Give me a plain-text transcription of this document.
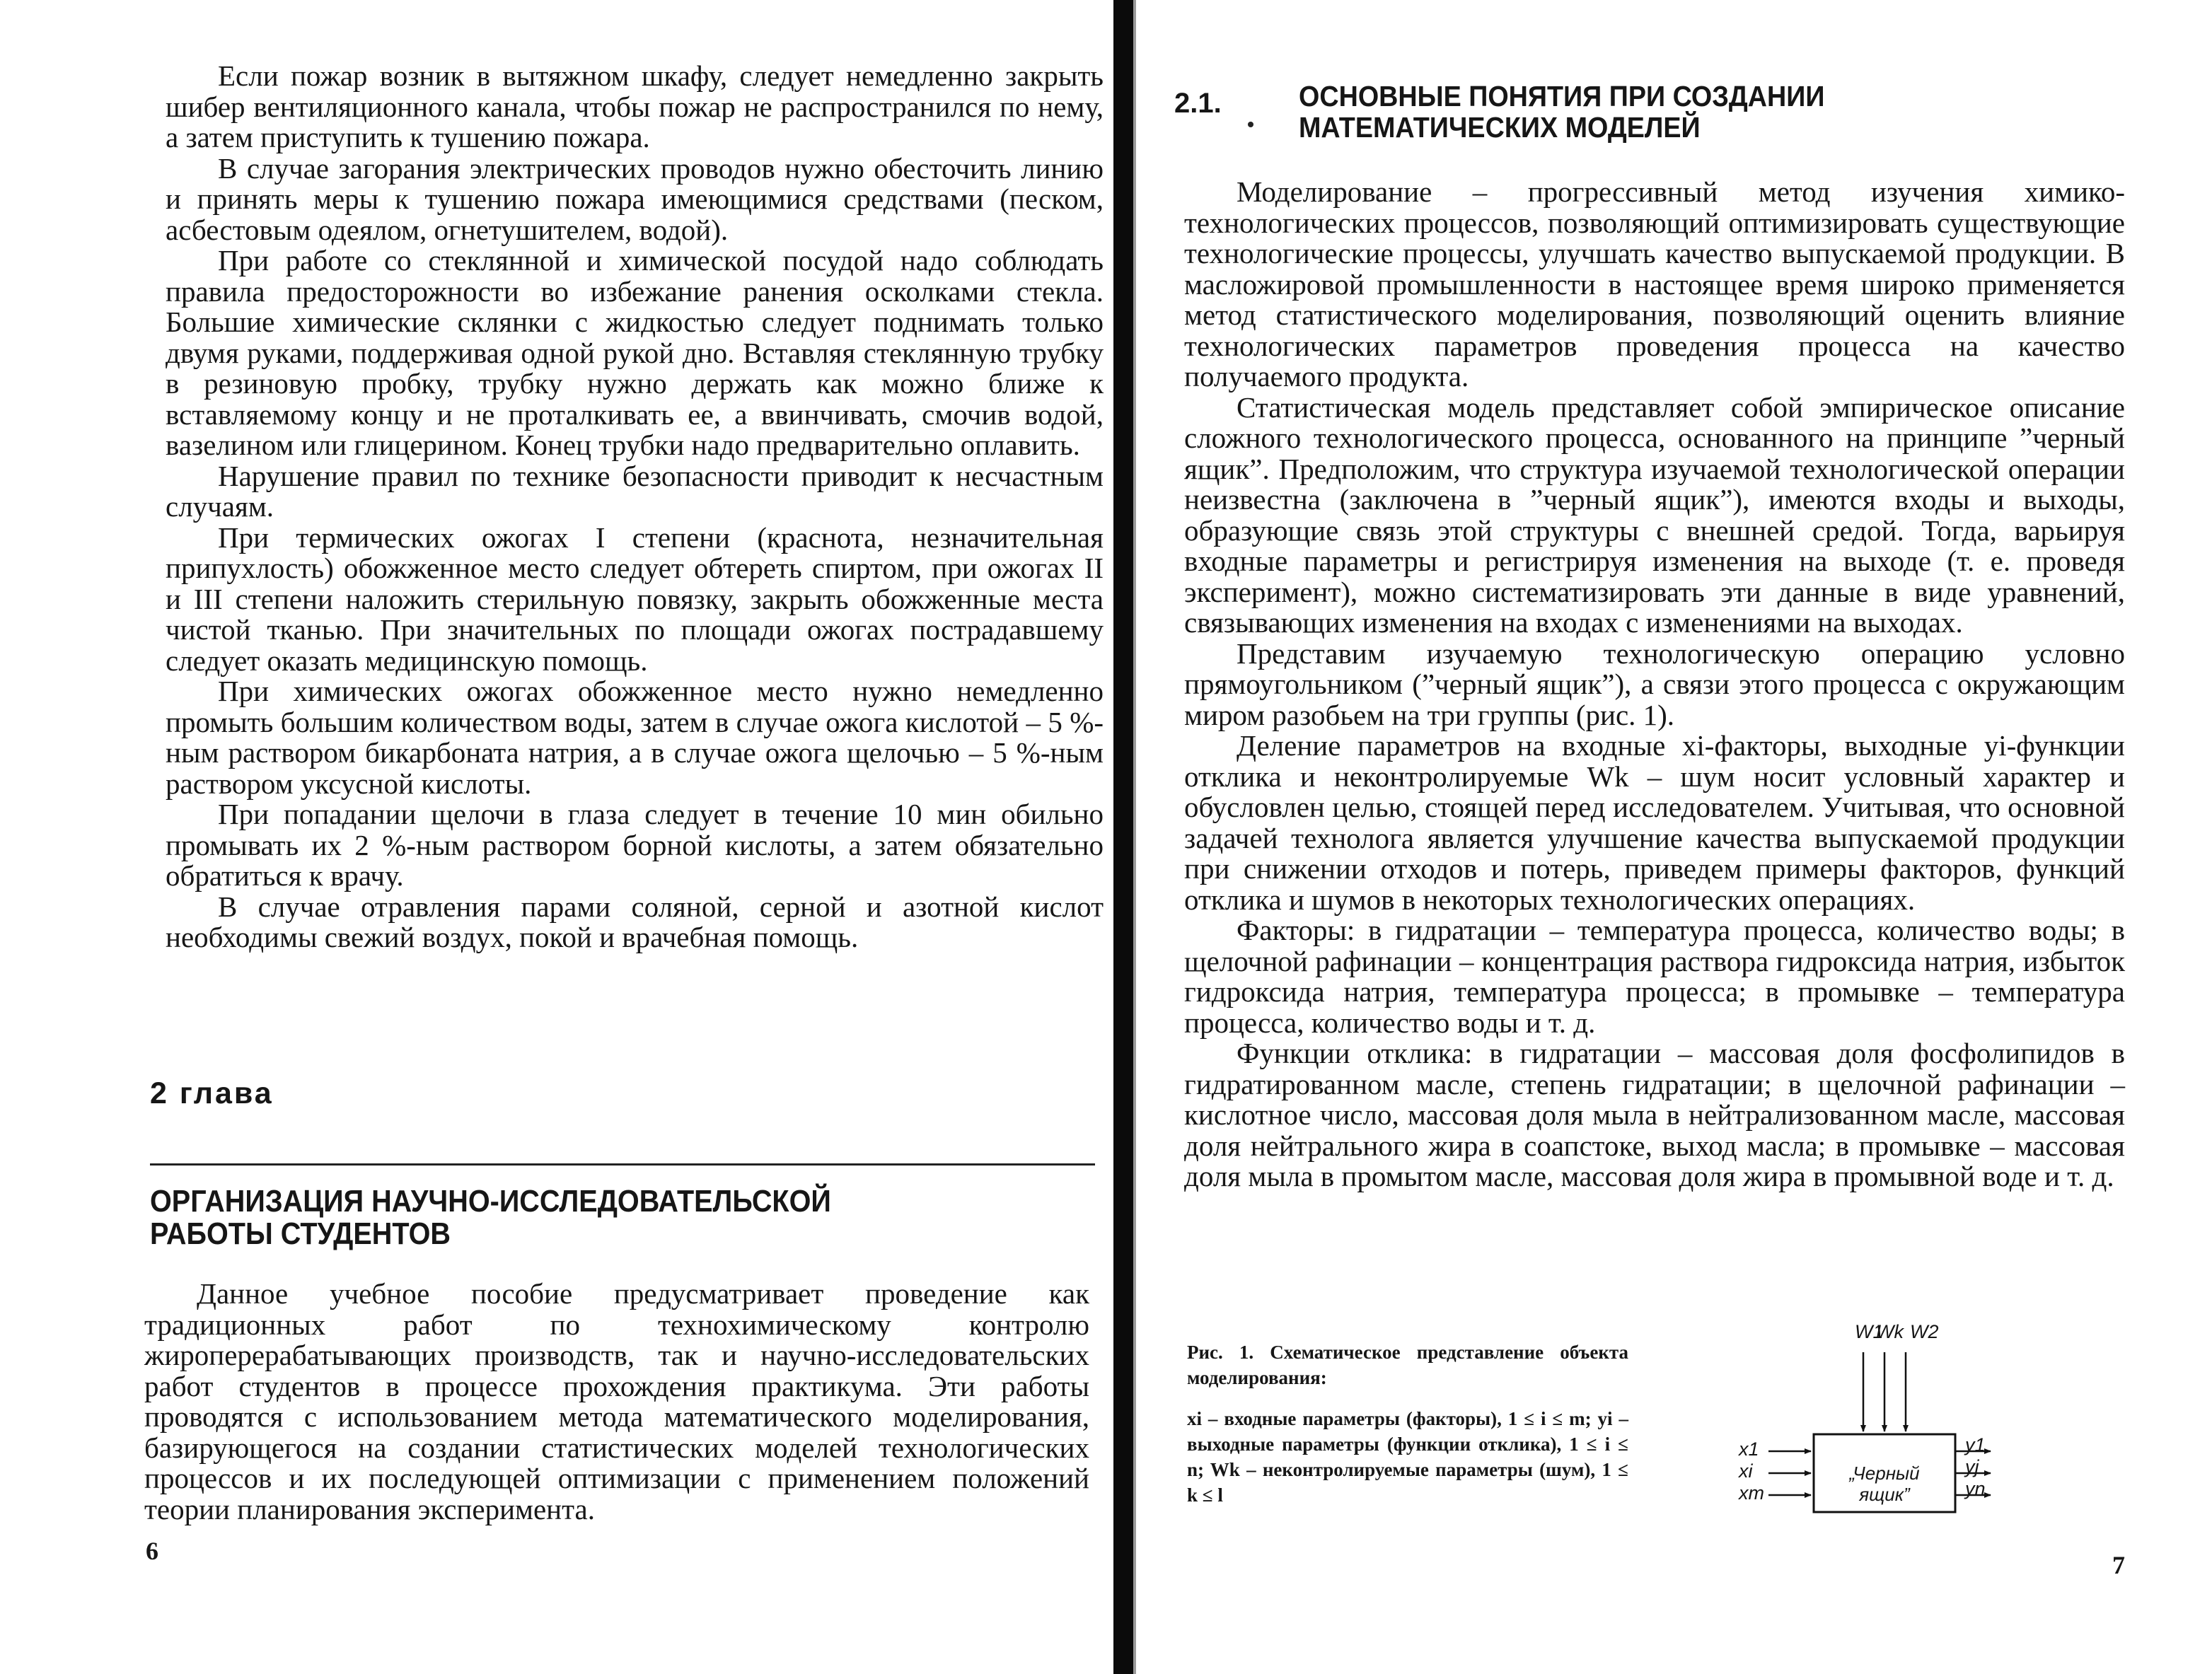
Если пожар возник в вытяжном шкафу, следует немедленно закрыть шибер вентиляционного канала, чтобы пожар не распространился по нему, а затем приступить к тушению пожара.

В случае загорания электрических проводов нужно обесточить линию и принять меры к тушению пожара имеющимися средствами (песком, асбестовым одеялом, огнетушителем, водой).

При работе со стеклянной и химической посудой надо соблюдать правила предосторожности во избежание ранения осколками стекла. Большие химические склянки с жидкостью следует поднимать только двумя руками, поддерживая одной рукой дно. Вставляя стеклянную трубку в резиновую пробку, трубку нужно держать как можно ближе к вставляемому концу и не проталкивать ее, а ввинчивать, смочив водой, вазелином или глицерином. Конец трубки надо предварительно оплавить.

Нарушение правил по технике безопасности приводит к несчастным случаям.

При термических ожогах I степени (краснота, незначительная припухлость) обожженное место следует обтереть спиртом, при ожогах II и III степени наложить стерильную повязку, закрыть обожженные места чистой тканью. При значительных по площади ожогах пострадавшему следует оказать медицинскую помощь.

При химических ожогах обожженное место нужно немедленно промыть большим количеством воды, затем в случае ожога кислотой – 5 %-ным раствором бикарбоната натрия, а в случае ожога щелочью – 5 %-ным раствором уксусной кислоты.

При попадании щелочи в глаза следует в течение 10 мин обильно промывать их 2 %-ным раствором борной кислоты, а затем обязательно обратиться к врачу.

В случае отравления парами соляной, серной и азотной кислот необходимы свежий воздух, покой и врачебная помощь.

2 глава
ОРГАНИЗАЦИЯ НАУЧНО-ИССЛЕДОВАТЕЛЬСКОЙ РАБОТЫ СТУДЕНТОВ

Данное учебное пособие предусматривает проведение как традиционных работ по технохимическому контролю жироперерабатывающих производств, так и научно-исследовательских работ студентов в процессе прохождения практикума. Эти работы проводятся с использованием метода математического моделирования, базирующегося на создании статистических моделей технологических процессов и их последующей оптимизации с применением положений теории планирования эксперимента.

6
2.1.	ОСНОВНЫЕ ПОНЯТИЯ ПРИ СОЗДАНИИ МАТЕМАТИЧЕСКИХ МОДЕЛЕЙ

Моделирование – прогрессивный метод изучения химико-технологических процессов, позволяющий оптимизировать существующие технологические процессы, улучшать качество выпускаемой продукции. В масложировой промышленности в настоящее время широко применяется метод статистического моделирования, позволяющий оценить влияние технологических параметров проведения процесса на качество получаемого продукта.

Статистическая модель представляет собой эмпирическое описание сложного технологического процесса, основанного на принципе ”черный ящик”. Предположим, что структура изучаемой технологической операции неизвестна (заключена в ”черный ящик”), имеются входы и выходы, образующие связь этой структуры с внешней средой. Тогда, варьируя входные параметры и регистрируя изменения на выходе (т. е. проведя эксперимент), можно систематизировать эти данные в виде уравнений, связывающих изменения на входах с изменениями на выходах.

Представим изучаемую технологическую операцию условно прямоугольником (”черный ящик”), а связи этого процесса с окружающим миром разобьем на три группы (рис. 1).

Деление параметров на входные xi-факторы, выходные yi-функции отклика и неконтролируемые Wk – шум носит условный характер и обусловлен целью, стоящей перед исследователем. Учитывая, что основной задачей технолога является улучшение качества выпускаемой продукции при снижении отходов и потерь, приведем примеры факторов, функций отклика и шумов в некоторых технологических операциях.

Факторы: в гидратации – температура процесса, количество воды; в щелочной рафинации – концентрация раствора гидроксида натрия, избыток гидроксида натрия, температура процесса; в промывке – температура процесса, количество воды и т. д.

Функции отклика: в гидратации – массовая доля фосфолипидов в гидратированном масле, степень гидратации; в щелочной рафинации – кислотное число, массовая доля мыла в нейтрализованном масле, массовая доля нейтрального жира в соапстоке, выход масла; в промывке – массовая доля мыла в промытом масле, массовая доля жира в промывной воде и т. д.

Рис. 1. Схематическое представление объекта моделирования:

xi – входные параметры (факторы), 1 ≤ i ≤ m; yi – выходные параметры (функции отклика), 1 ≤ i ≤ n; Wk – неконтролируемые параметры (шум), 1 ≤ k ≤ l

W1
Wk W2
x1
xi
xm
y1
yj
yn
„Черный ящик”
7
